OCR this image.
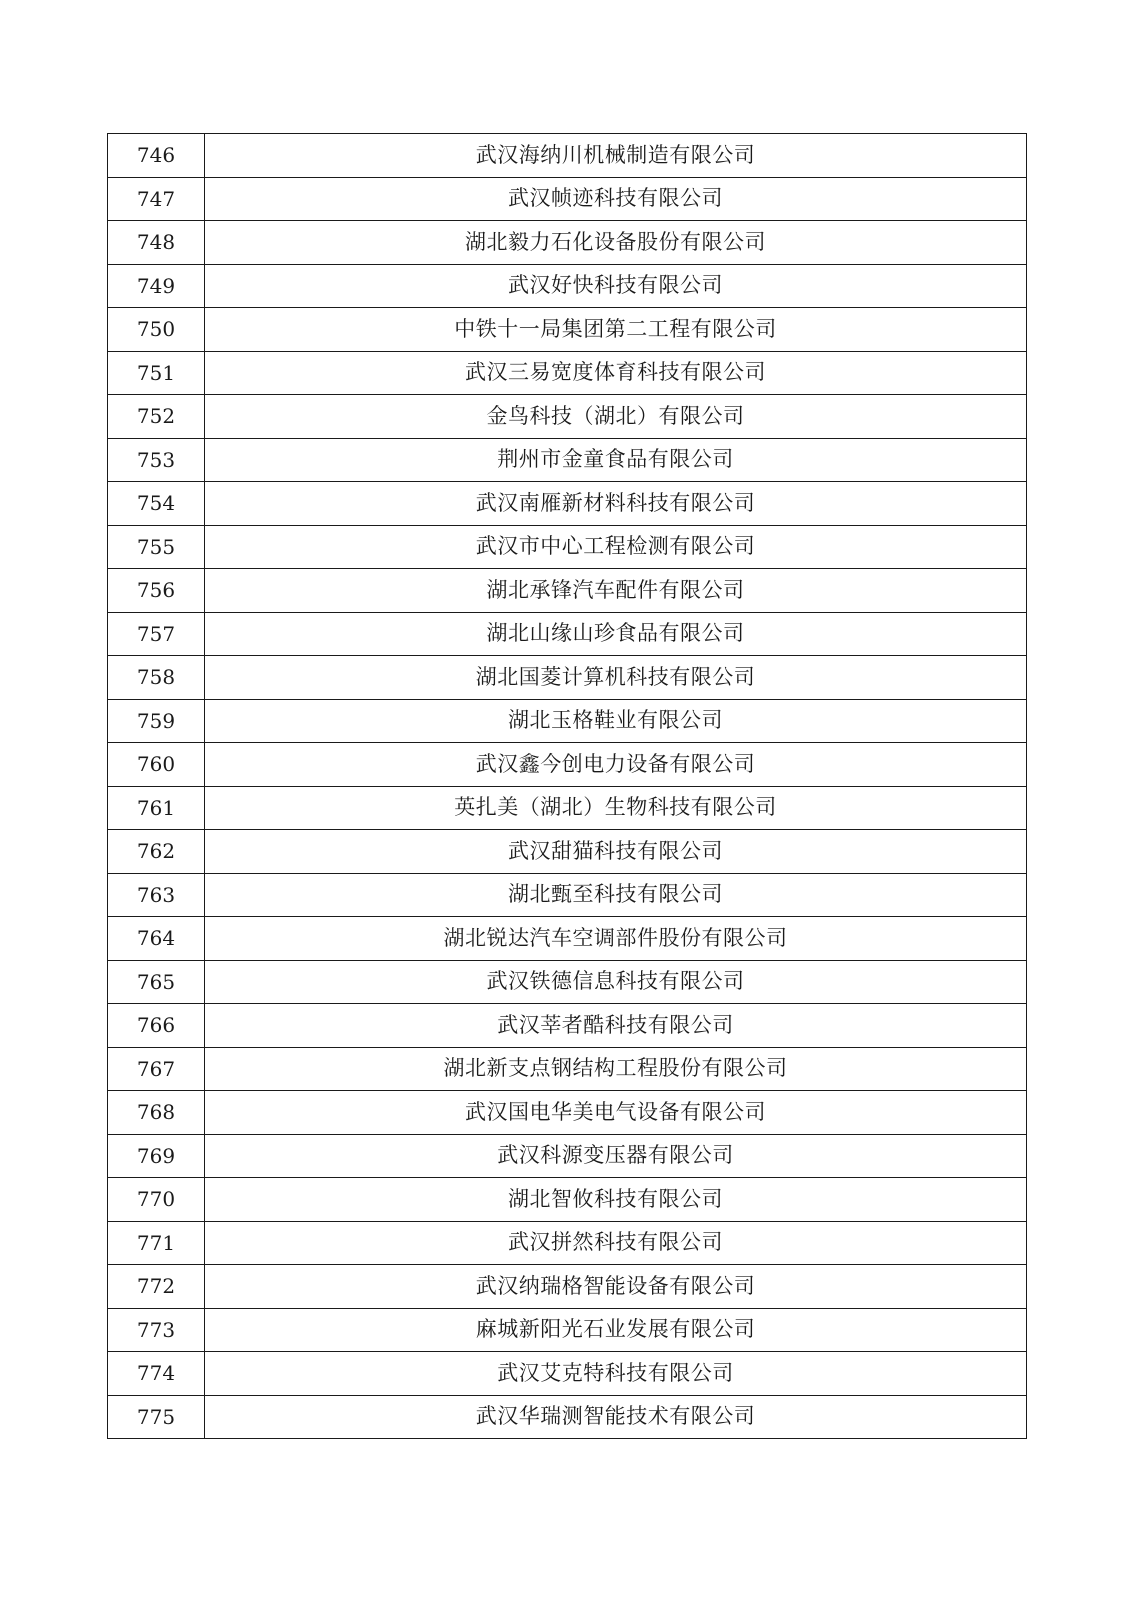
746	武汉海纳川机械制造有限公司
747	武汉帧迹科技有限公司
748	湖北毅力石化设备股份有限公司
749	武汉好快科技有限公司
750	中铁十一局集团第二工程有限公司
751	武汉三易宽度体育科技有限公司
752	金鸟科技（湖北）有限公司
753	荆州市金童食品有限公司
754	武汉南雁新材料科技有限公司
755	武汉市中心工程检测有限公司
756	湖北承锋汽车配件有限公司
757	湖北山缘山珍食品有限公司
758	湖北国菱计算机科技有限公司
759	湖北玉格鞋业有限公司
760	武汉鑫今创电力设备有限公司
761	英扎美（湖北）生物科技有限公司
762	武汉甜猫科技有限公司
763	湖北甄至科技有限公司
764	湖北锐达汽车空调部件股份有限公司
765	武汉铁德信息科技有限公司
766	武汉莘者酷科技有限公司
767	湖北新支点钢结构工程股份有限公司
768	武汉国电华美电气设备有限公司
769	武汉科源变压器有限公司
770	湖北智攸科技有限公司
771	武汉拼然科技有限公司
772	武汉纳瑞格智能设备有限公司
773	麻城新阳光石业发展有限公司
774	武汉艾克特科技有限公司
775	武汉华瑞测智能技术有限公司
